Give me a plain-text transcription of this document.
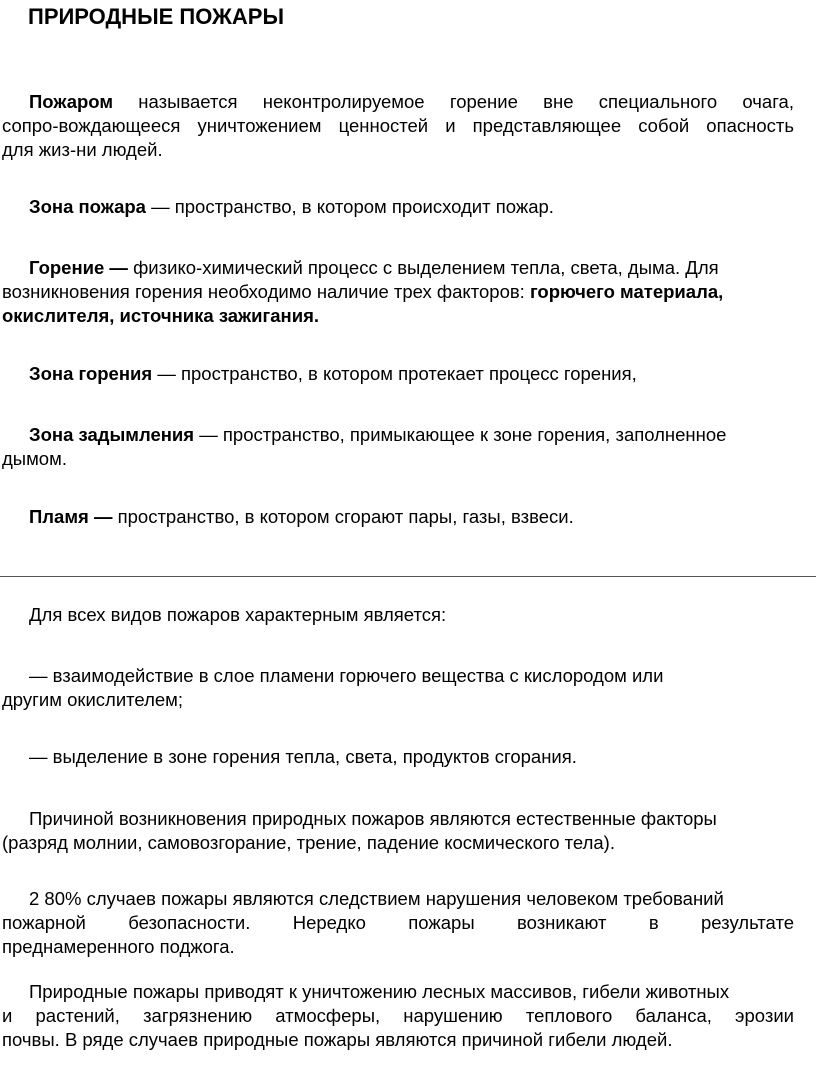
ПРИРОДНЫЕ ПОЖАРЫ
Пожаром называется неконтролируемое горение вне специального очага,
сопро-вождающееся уничтожением ценностей и представляющее собой опасность
для жиз-ни людей.
Зона пожара — пространство, в котором происходит пожар.
Горение — физико-химический процесс с выделением тепла, света, дыма. Для
возникновения горения необходимо наличие трех факторов: горючего материала,
окислителя, источника зажигания.
Зона горения — пространство, в котором протекает процесс горения,
Зона задымления — пространство, примыкающее к зоне горения, заполненное
дымом.
Пламя — пространство, в котором сгорают пары, газы, взвеси.
Для всех видов пожаров характерным является:
— взаимодействие в слое пламени горючего вещества с кислородом или
другим окислителем;
— выделение в зоне горения тепла, света, продуктов сгорания.
Причиной возникновения природных пожаров являются естественные факторы
(разряд молнии, самовозгорание, трение, падение космического тела).
2 80% случаев пожары являются следствием нарушения человеком требований
пожарной безопасности. Нередко пожары возникают в результате
преднамеренного поджога.
Природные пожары приводят к уничтожению лесных массивов, гибели животных
и растений, загрязнению атмосферы, нарушению теплового баланса, эрозии
почвы. В ряде случаев природные пожары являются причиной гибели людей.
